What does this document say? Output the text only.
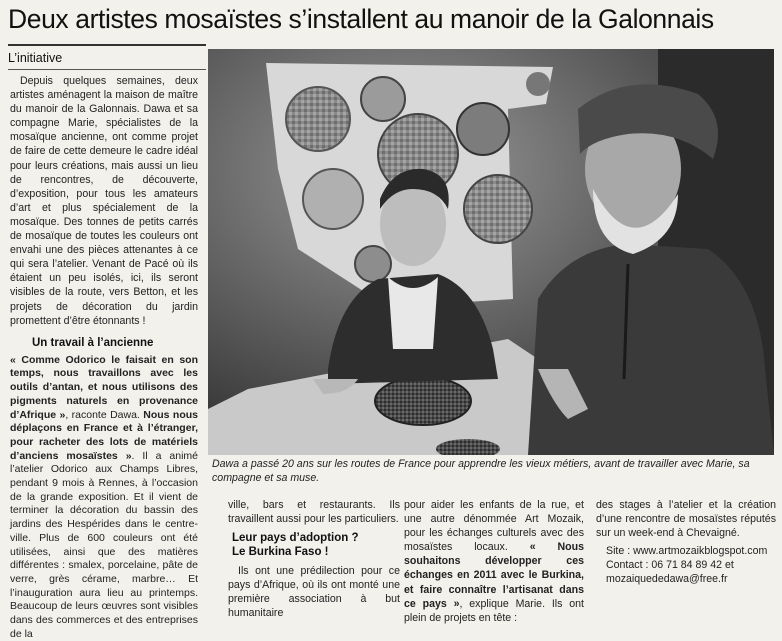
Deux artistes mosaïstes s’installent au manoir de la Galonnais
L’initiative

Depuis quelques semaines, deux artistes aménagent la maison de maître du manoir de la Galonnais. Dawa et sa compagne Marie, spécialistes de la mosaïque ancienne, ont comme projet de faire de cette demeure le cadre idéal pour leurs créations, mais aussi un lieu de rencontres, de découverte, d’exposition, pour tous les amateurs d’art et plus spécialement de la mosaïque. Des tonnes de petits carrés de mosaïque de toutes les couleurs ont envahi une des pièces attenantes à ce qui sera l’atelier. Venant de Pacé où ils étaient un peu isolés, ici, ils seront visibles de la route, vers Betton, et les projets de décoration du jardin promettent d’être étonnants !

Un travail à l’ancienne

« Comme Odorico le faisait en son temps, nous travaillons avec les outils d’antan, et nous utilisons des pigments naturels en provenance d’Afrique », raconte Dawa. Nous nous déplaçons en France et à l’étranger, pour racheter des lots de matériels d’anciens mosaïstes ». Il a animé l’atelier Odorico aux Champs Libres, pendant 9 mois à Rennes, à l’occasion de la grande exposition. Et il vient de terminer la décoration du bassin des jardins des Hespérides dans le centre-ville. Plus de 600 couleurs ont été utilisées, ainsi que des matières différentes : smalex, porcelaine, pâte de verre, grès cérame, marbre… Et l’inauguration aura lieu au printemps. Beaucoup de leurs œuvres sont visibles dans des commerces et des entreprises de la

Dawa a passé 20 ans sur les routes de France pour apprendre les vieux métiers, avant de travailler avec Marie, sa compagne et sa muse.

ville, bars et restaurants. Ils travaillent aussi pour les particuliers.

Leur pays d’adoption ?
Le Burkina Faso !

Ils ont une prédilection pour ce pays d’Afrique, où ils ont monté une première association à but humanitaire

pour aider les enfants de la rue, et une autre dénommée Art Mozaik, pour les échanges culturels avec des mosaïstes locaux. « Nous souhaitons développer ces échanges en 2011 avec le Burkina, et faire connaître l’artisanat dans ce pays », explique Marie. Ils ont plein de projets en tête :

des stages à l’atelier et la création d’une rencontre de mosaïstes réputés sur un week-end à Chevaigné.

Site : www.artmozaikblogspot.com

Contact : 06 71 84 89 42 et mozaiquededawa@free.fr
